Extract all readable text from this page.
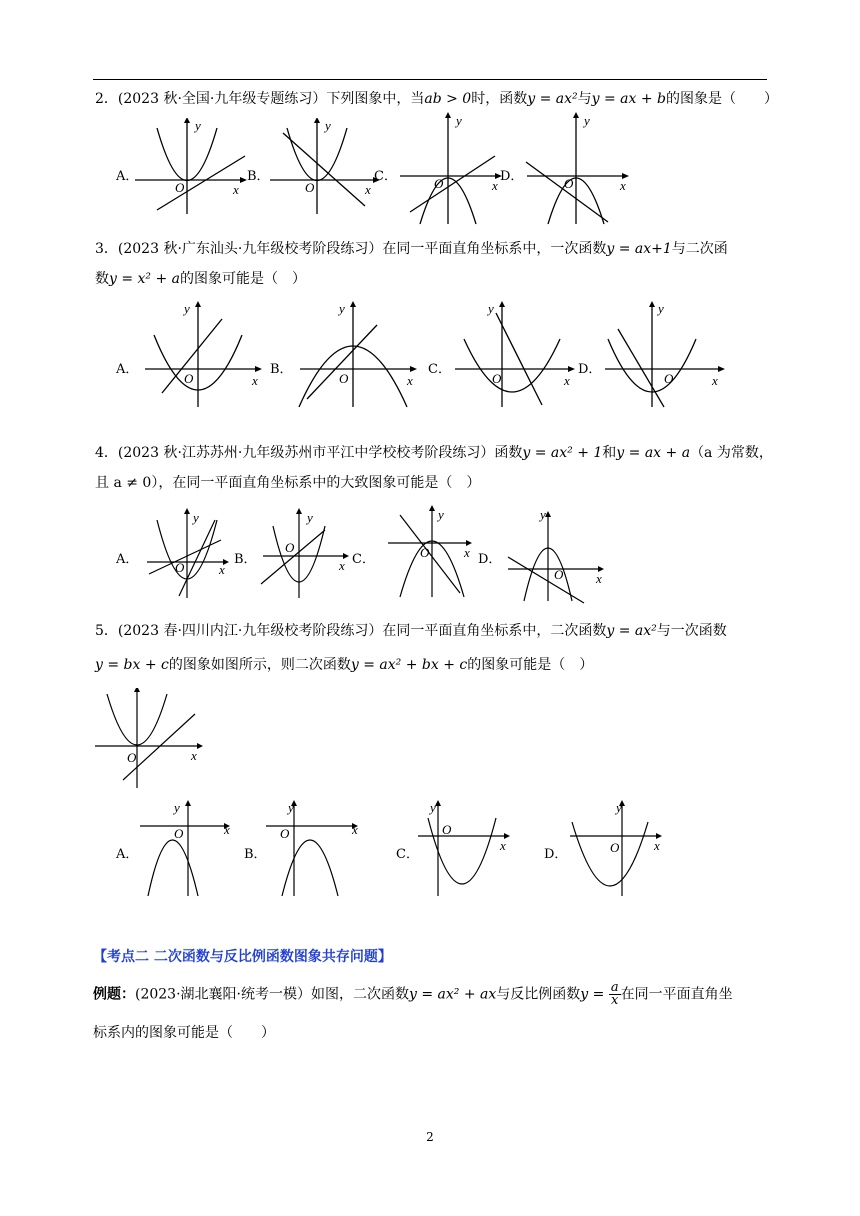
2．(2023 秋·全国·九年级专题练习）下列图象中，当ab > 0时，函数y = ax²与y = ax + b的图象是（　　）
A．
y
x
O
B．
y
x
O
C．
y
x
O	D．
y
x
O
3．(2023 秋·广东汕头·九年级校考阶段练习）在同一平面直角坐标系中，一次函数y = ax+1与二次函
数y = x² + a的图象可能是（　）
A．
y
x
O
B．
y
x
O
C．
y
x
O
D．
y
x
O
4．(2023 秋·江苏苏州·九年级苏州市平江中学校校考阶段练习）函数y = ax² + 1和y = ax + a（a 为常数，
且 a ≠ 0），在同一平面直角坐标系中的大致图象可能是（　）
A．
y
x
O
B．
y
x
O
C．
y
x
O	D．
y
x
O
5．(2023 春·四川内江·九年级校考阶段练习）在同一平面直角坐标系中，二次函数y = ax²与一次函数
y = bx + c的图象如图所示，则二次函数y = ax² + bx + c的图象可能是（　）
x
O
A．
y
x
O
B．
y
x
O
C．
y
x
O
D．
y
x
O
【考点二 二次函数与反比例函数图象共存问题】
例题：(2023·湖北襄阳·统考一模）如图，二次函数y = ax² + ax与反比例函数$y = \frac{a}{x}$ 在同一平面直角坐
标系内的图象可能是（　　）
2
